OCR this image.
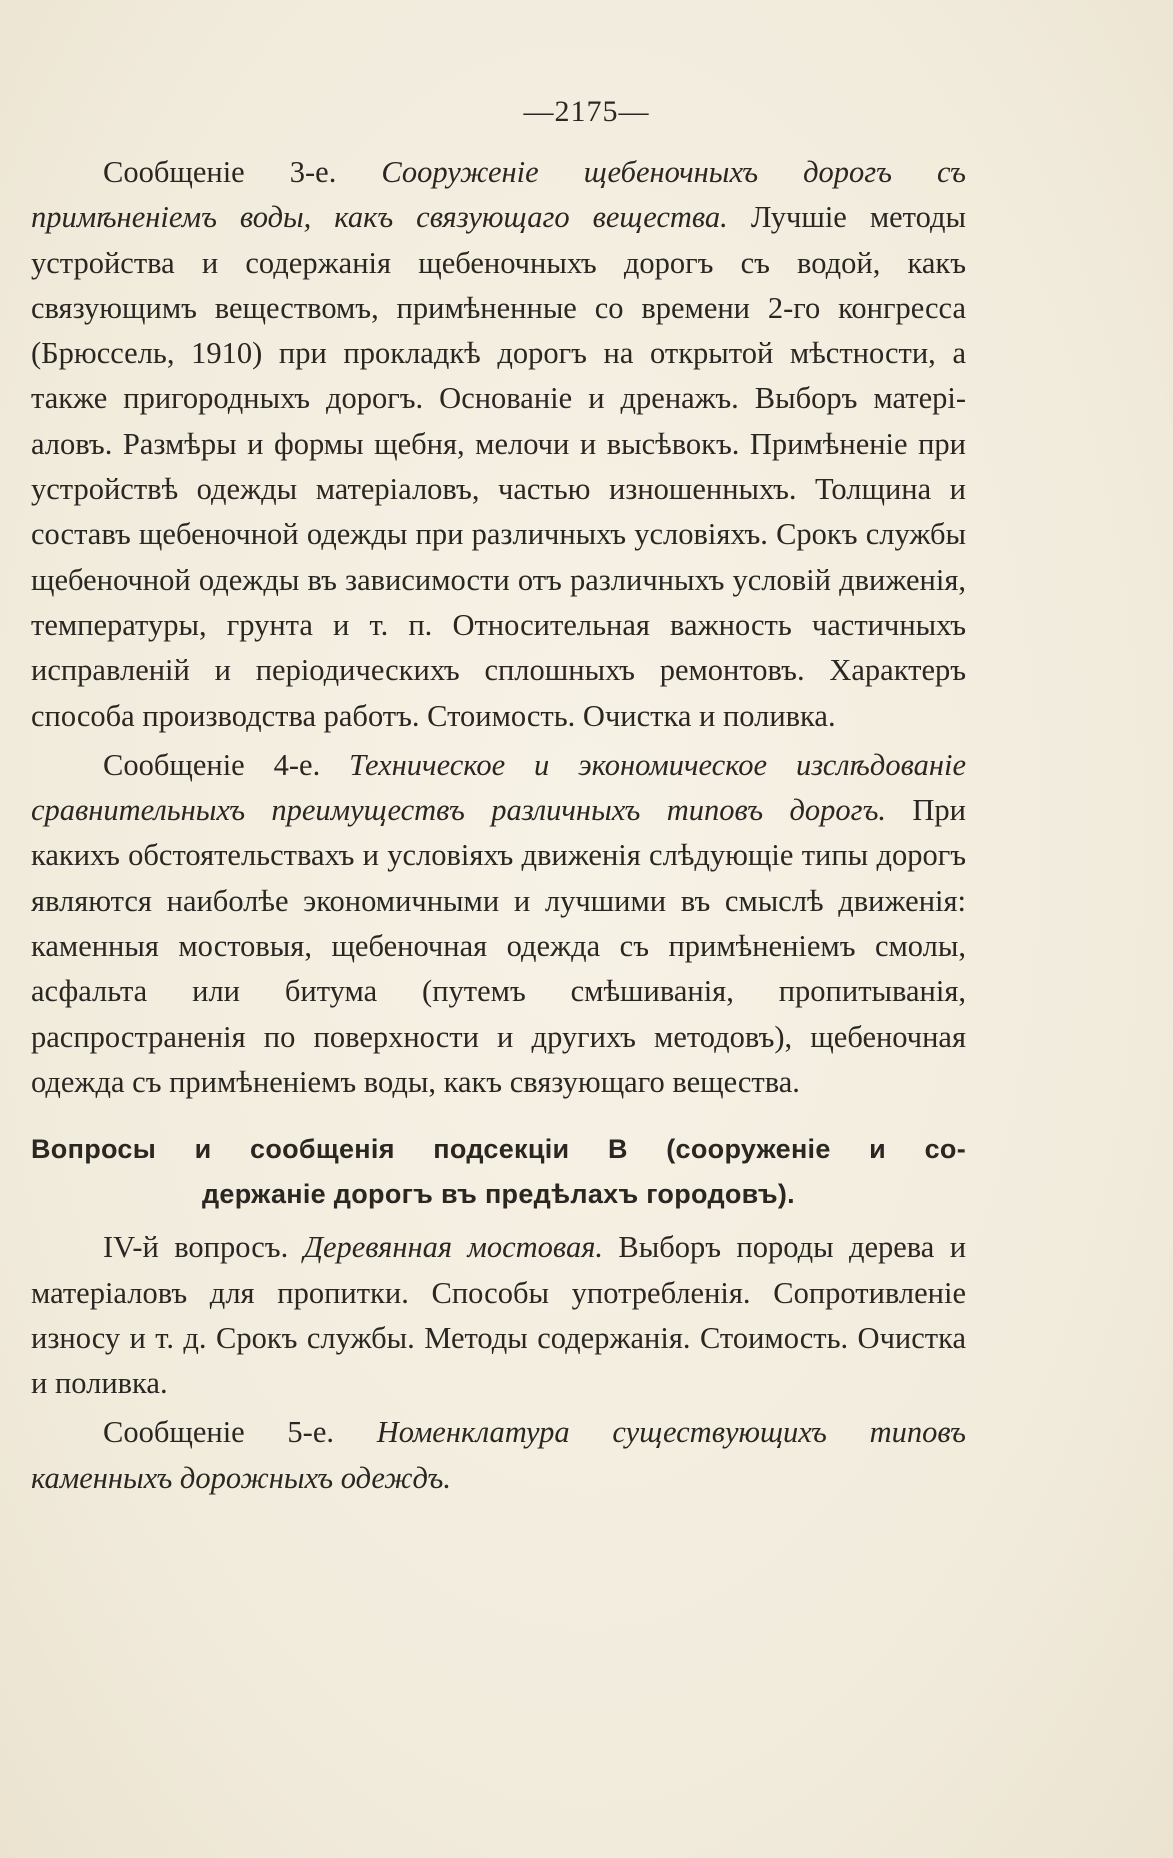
—2175—

Сообщеніе 3-е. Сооруженіе щебеночныхъ дорогъ съ примѣненіемъ воды, какъ связующаго вещества. Лучшіе методы устройства и содержанія щебеночныхъ дорогъ съ водой, какъ связующимъ веществомъ, примѣненные со времени 2-го конгресса (Брюссель, 1910) при прокладкѣ дорогъ на открытой мѣстности, а также пригородныхъ дорогъ. Основаніе и дренажъ. Выборъ матеріаловъ. Размѣры и формы щебня, мелочи и высѣвокъ. Примѣненіе при устройствѣ одежды матеріаловъ, частью изношенныхъ. Толщина и составъ щебеночной одежды при различныхъ условіяхъ. Срокъ службы щебеночной одежды въ зависимости отъ различныхъ условій движенія, температуры, грунта и т. п. Относительная важность частичныхъ исправленій и періодическихъ сплошныхъ ремонтовъ. Характеръ способа производства работъ. Стоимость. Очистка и поливка.

Сообщеніе 4-е. Техническое и экономическое изслѣдованіе сравнительныхъ преимуществъ различныхъ типовъ дорогъ. При какихъ обстоятельствахъ и условіяхъ движенія слѣдующіе типы дорогъ являются наиболѣе экономичными и лучшими въ смыслѣ движенія: каменныя мостовыя, щебеночная одежда съ примѣненіемъ смолы, асфальта или битума (путемъ смѣшиванія, пропитыванія, распространенія по поверхности и другихъ методовъ), щебеночная одежда съ примѣненіемъ воды, какъ связующаго вещества.

Вопросы и сообщенія подсекціи В (сооруженіе и со-
держаніе дорогъ въ предѣлахъ городовъ).

IV-й вопросъ. Деревянная мостовая. Выборъ породы дерева и матеріаловъ для пропитки. Способы употребленія. Сопротивленіе износу и т. д. Срокъ службы. Методы содержанія. Стоимость. Очистка и поливка.

Сообщеніе 5-е. Номенклатура существующихъ типовъ каменныхъ дорожныхъ одеждъ.
